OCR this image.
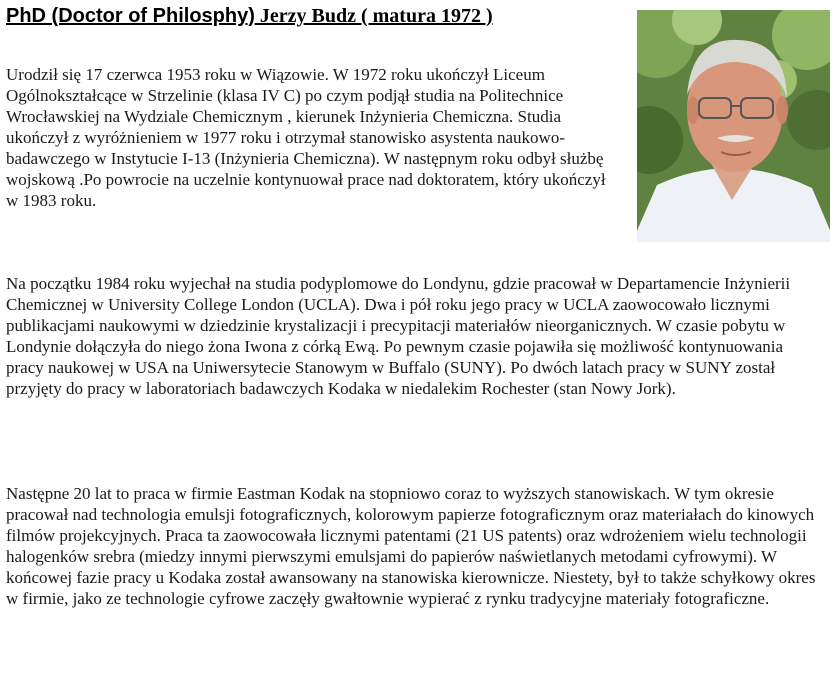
PhD (Doctor of Philosphy) Jerzy Budz ( matura 1972 )

Urodził się 17 czerwca 1953 roku w Wiązowie. W 1972 roku ukończył Liceum Ogólnokształcące w Strzelinie (klasa IV C) po czym podjął studia na Politechnice Wrocławskiej na Wydziale Chemicznym , kierunek Inżynieria Chemiczna. Studia ukończył z wyróżnieniem w 1977 roku i otrzymał stanowisko asystenta naukowo-badawczego w Instytucie I-13 (Inżynieria Chemiczna). W następnym roku odbył służbę wojskową .Po powrocie na uczelnie kontynuował prace nad doktoratem, który ukończył w 1983 roku.

Na początku 1984 roku wyjechał na studia podyplomowe do Londynu, gdzie pracował w Departamencie Inżynierii Chemicznej w University College London (UCLA). Dwa i pół roku jego pracy w UCLA zaowocowało licznymi publikacjami naukowymi w dziedzinie krystalizacji i precypitacji materiałów nieorganicznych. W czasie pobytu w Londynie dołączyła do niego żona Iwona z córką Ewą. Po pewnym czasie pojawiła się możliwość kontynuowania pracy naukowej w USA na Uniwersytecie Stanowym w Buffalo (SUNY). Po dwóch latach pracy w SUNY został przyjęty do pracy w laboratoriach badawczych Kodaka w niedalekim Rochester (stan Nowy Jork).

Następne 20 lat to praca w firmie Eastman Kodak na stopniowo coraz to wyższych stanowiskach. W tym okresie pracował nad technologia emulsji fotograficznych, kolorowym papierze fotograficznym oraz materiałach do kinowych filmów projekcyjnych. Praca ta zaowocowała licznymi patentami (21 US patents) oraz wdrożeniem wielu technologii halogenków srebra (miedzy innymi pierwszymi emulsjami do papierów naświetlanych metodami cyfrowymi). W końcowej fazie pracy u Kodaka został awansowany na stanowiska kierownicze. Niestety, był to także schyłkowy okres w firmie, jako ze technologie cyfrowe zaczęły gwałtownie wypierać z rynku tradycyjne materiały fotograficzne.
